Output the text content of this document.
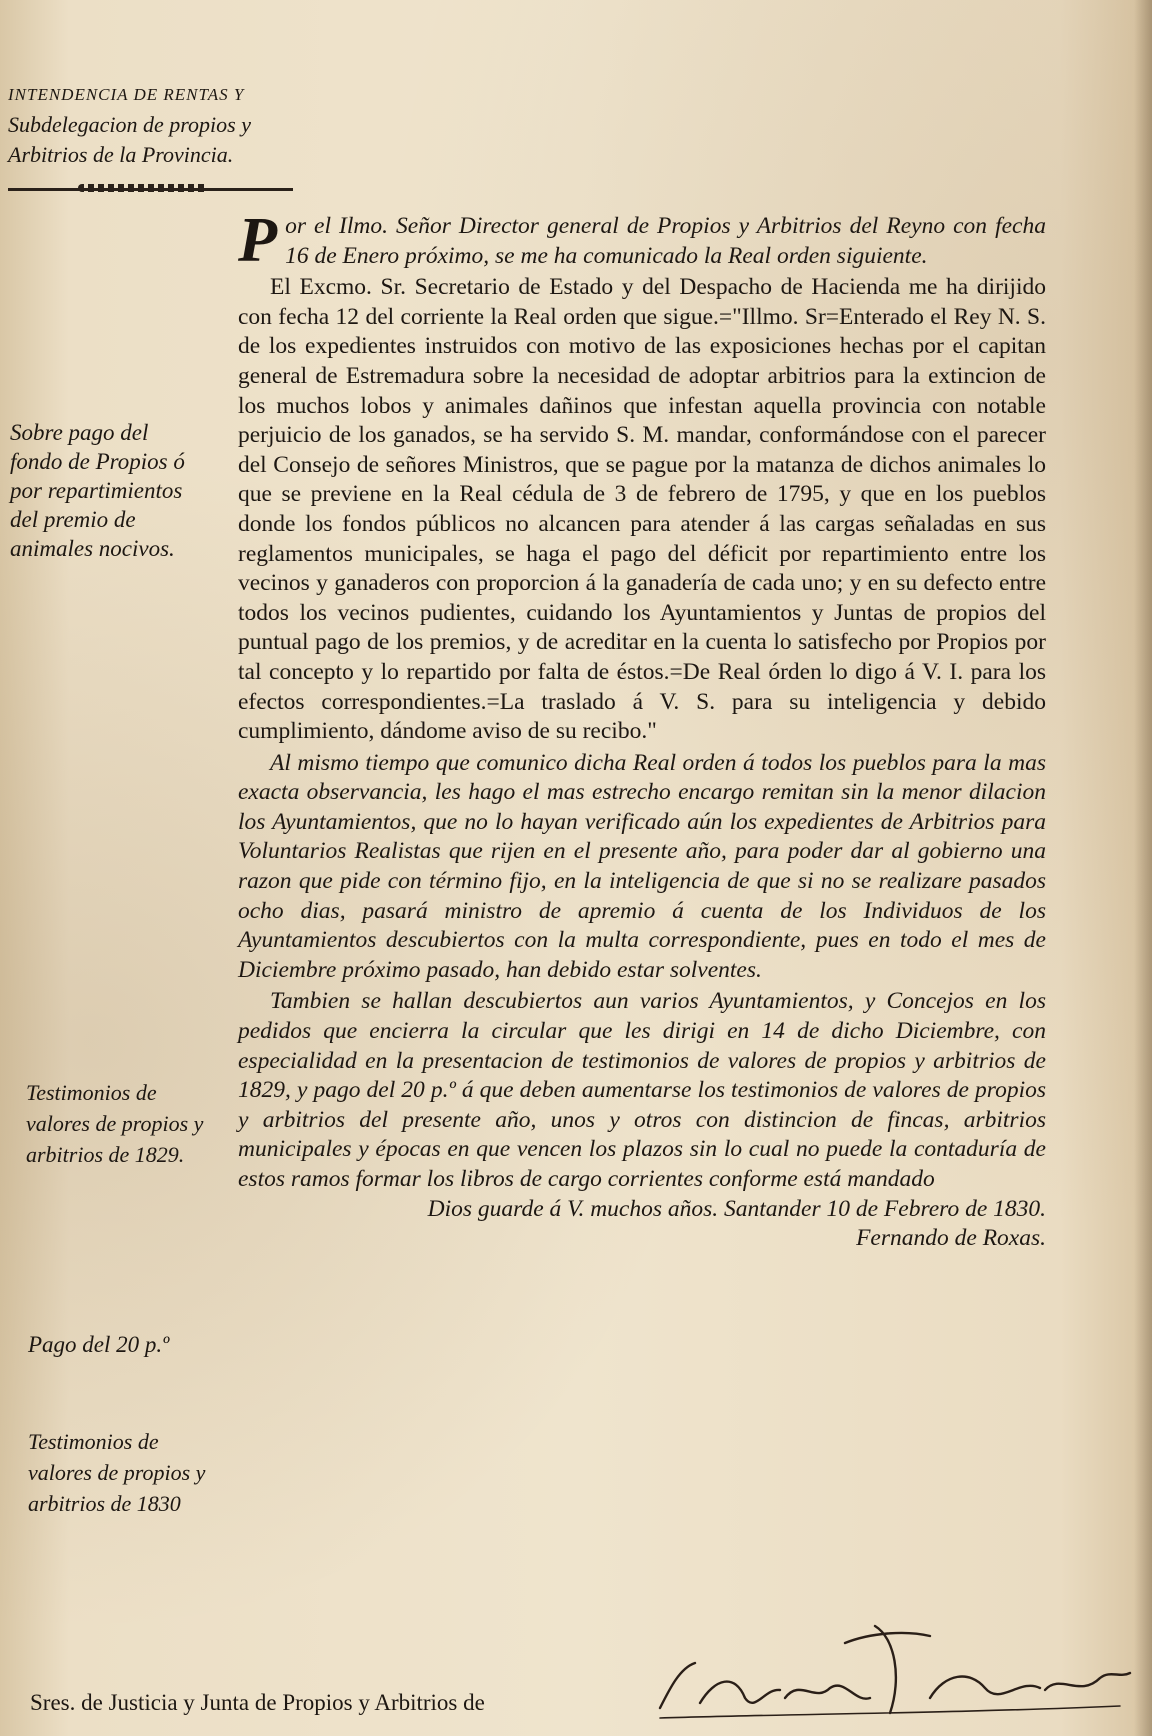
INTENDENCIA DE RENTAS Y
Subdelegacion de propios y
Arbitrios de la Provincia.
Sobre pago del fondo de Propios ó por repartimientos del premio de animales nocivos.
Testimonios de valores de propios y arbitrios de 1829.
Pago del 20 p.º
Testimonios de valores de propios y arbitrios de 1830

Por el Ilmo. Señor Director general de Propios y Arbitrios del Reyno con fecha 16 de Enero próximo, se me ha comunicado la Real orden siguiente.

El Excmo. Sr. Secretario de Estado y del Despacho de Hacienda me ha dirijido con fecha 12 del corriente la Real orden que sigue.="Illmo. Sr=Enterado el Rey N. S. de los expedientes instruidos con motivo de las exposiciones hechas por el capitan general de Estremadura sobre la necesidad de adoptar arbitrios para la extincion de los muchos lobos y animales dañinos que infestan aquella provincia con notable perjuicio de los ganados, se ha servido S. M. mandar, conformándose con el parecer del Consejo de señores Ministros, que se pague por la matanza de dichos animales lo que se previene en la Real cédula de 3 de febrero de 1795, y que en los pueblos donde los fondos públicos no alcancen para atender á las cargas señaladas en sus reglamentos municipales, se haga el pago del déficit por repartimiento entre los vecinos y ganaderos con proporcion á la ganadería de cada uno; y en su defecto entre todos los vecinos pudientes, cuidando los Ayuntamientos y Juntas de propios del puntual pago de los premios, y de acreditar en la cuenta lo satisfecho por Propios por tal concepto y lo repartido por falta de éstos.=De Real órden lo digo á V. I. para los efectos correspondientes.=La traslado á V. S. para su inteligencia y debido cumplimiento, dándome aviso de su recibo."

Al mismo tiempo que comunico dicha Real orden á todos los pueblos para la mas exacta observancia, les hago el mas estrecho encargo remitan sin la menor dilacion los Ayuntamientos, que no lo hayan verificado aún los expedientes de Arbitrios para Voluntarios Realistas que rijen en el presente año, para poder dar al gobierno una razon que pide con término fijo, en la inteligencia de que si no se realizare pasados ocho dias, pasará ministro de apremio á cuenta de los Individuos de los Ayuntamientos descubiertos con la multa correspondiente, pues en todo el mes de Diciembre próximo pasado, han debido estar solventes.

Tambien se hallan descubiertos aun varios Ayuntamientos, y Concejos en los pedidos que encierra la circular que les dirigi en 14 de dicho Diciembre, con especialidad en la presentacion de testimonios de valores de propios y arbitrios de 1829, y pago del 20 p.º á que deben aumentarse los testimonios de valores de propios y arbitrios del presente año, unos y otros con distincion de fincas, arbitrios municipales y épocas en que vencen los plazos sin lo cual no puede la contaduría de estos ramos formar los libros de cargo corrientes conforme está mandado

Dios guarde á V. muchos años. Santander 10 de Febrero de 1830.

Fernando de Roxas.

Sres. de Justicia y Junta de Propios y Arbitrios de
